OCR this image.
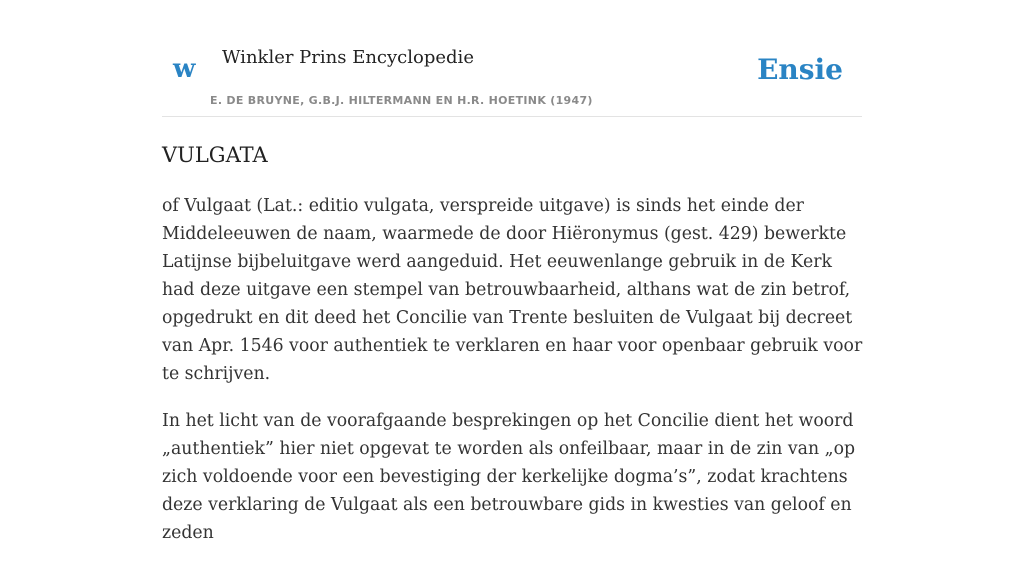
w Winkler Prins Encyclopedie
E. DE BRUYNE, G.B.J. HILTERMANN EN H.R. HOETINK (1947)
Ensie
VULGATA

of Vulgaat (Lat.: editio vulgata, verspreide uitgave) is sinds het einde der Middeleeuwen de naam, waarmede de door Hiëronymus (gest. 429) bewerkte Latijnse bijbeluitgave werd aangeduid. Het eeuwenlange gebruik in de Kerk had deze uitgave een stempel van betrouwbaarheid, althans wat de zin betrof, opgedrukt en dit deed het Concilie van Trente besluiten de Vulgaat bij decreet van Apr. 1546 voor authentiek te verklaren en haar voor openbaar gebruik voor te schrijven.

In het licht van de voorafgaande besprekingen op het Concilie dient het woord „authentiek” hier niet opgevat te worden als onfeilbaar, maar in de zin van „op zich voldoende voor een bevestiging der kerkelijke dogma’s”, zodat krachtens deze verklaring de Vulgaat als een betrouwbare gids in kwesties van geloof en zeden
